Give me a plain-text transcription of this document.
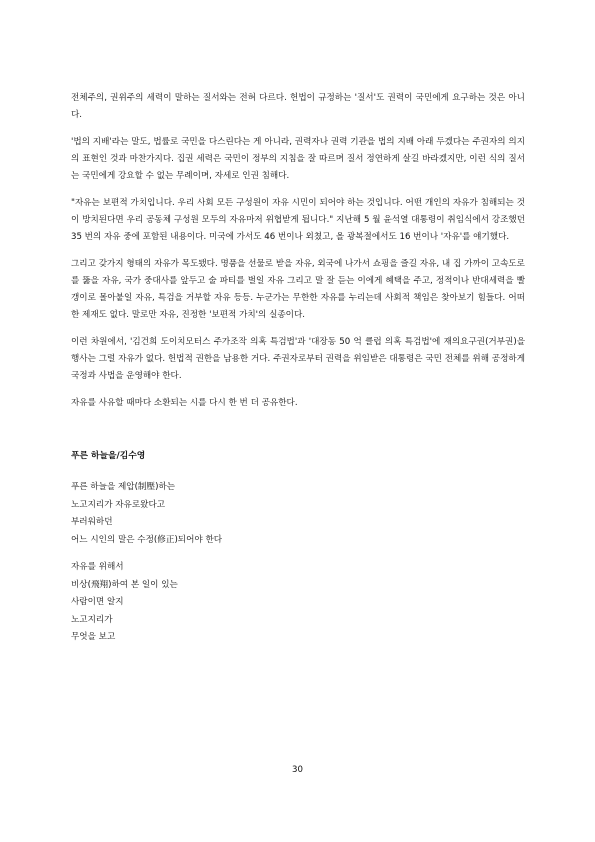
전체주의, 권위주의 세력이 말하는 질서와는 전혀 다르다. 헌법이 규정하는 '질서'도 권력이 국민에게 요구하는 것은 아니다.

'법의 지배'라는 말도, 법률로 국민을 다스린다는 게 아니라, 권력자나 권력 기관을 법의 지배 아래 두겠다는 주권자의 의지의 표현인 것과 마찬가지다. 집권 세력은 국민이 정부의 지침을 잘 따르며 질서 정연하게 살길 바라겠지만, 이런 식의 질서는 국민에게 강요할 수 없는 무례이며, 자세로 인권 침해다.

"자유는 보편적 가치입니다. 우리 사회 모든 구성원이 자유 시민이 되어야 하는 것입니다. 어떤 개인의 자유가 침해되는 것이 방치된다면 우리 공동체 구성원 모두의 자유마저 위협받게 됩니다." 지난해 5 월 윤석열 대통령이 취임식에서 강조했던 35 번의 자유 중에 포함된 내용이다. 미국에 가서도 46 번이나 외쳤고, 올 광복절에서도 16 번이나 '자유'를 얘기했다.

그리고 갖가지 형태의 자유가 목도됐다. 명품을 선물로 받을 자유, 외국에 나가서 쇼핑을 즐길 자유, 내 집 가까이 고속도로를 뚫을 자유, 국가 중대사를 앞두고 술 파티를 벌일 자유 그리고 말 잘 듣는 이에게 혜택을 주고, 정적이나 반대세력을 빨갱이로 몰아붙일 자유, 특검을 거부할 자유 등등. 누군가는 무한한 자유를 누리는데 사회적 책임은 찾아보기 힘들다. 어떠한 제재도 없다. 말로만 자유, 진정한 '보편적 가치'의 실종이다.

이런 차원에서, '김건희 도이치모터스 주가조작 의혹 특검법'과 '대장동 50 억 클럽 의혹 특검법'에 재의요구권(거부권)을 행사는 그럴 자유가 없다. 헌법적 권한을 남용한 거다. 주권자로부터 권력을 위임받은 대통령은 국민 전체를 위해 공정하게 국정과 사법을 운영해야 한다.

자유를 사유할 때마다 소환되는 시를 다시 한 번 더 공유한다.

푸른 하늘을/김수영
푸른 하늘을 제압(制壓)하는
노고지리가 자유로왔다고
부러워하던
어느 시인의 말은 수정(修正)되어야 한다
자유를 위해서
비상(飛翔)하여 본 일이 있는
사람이면 알지
노고지리가
무엇을 보고
30
